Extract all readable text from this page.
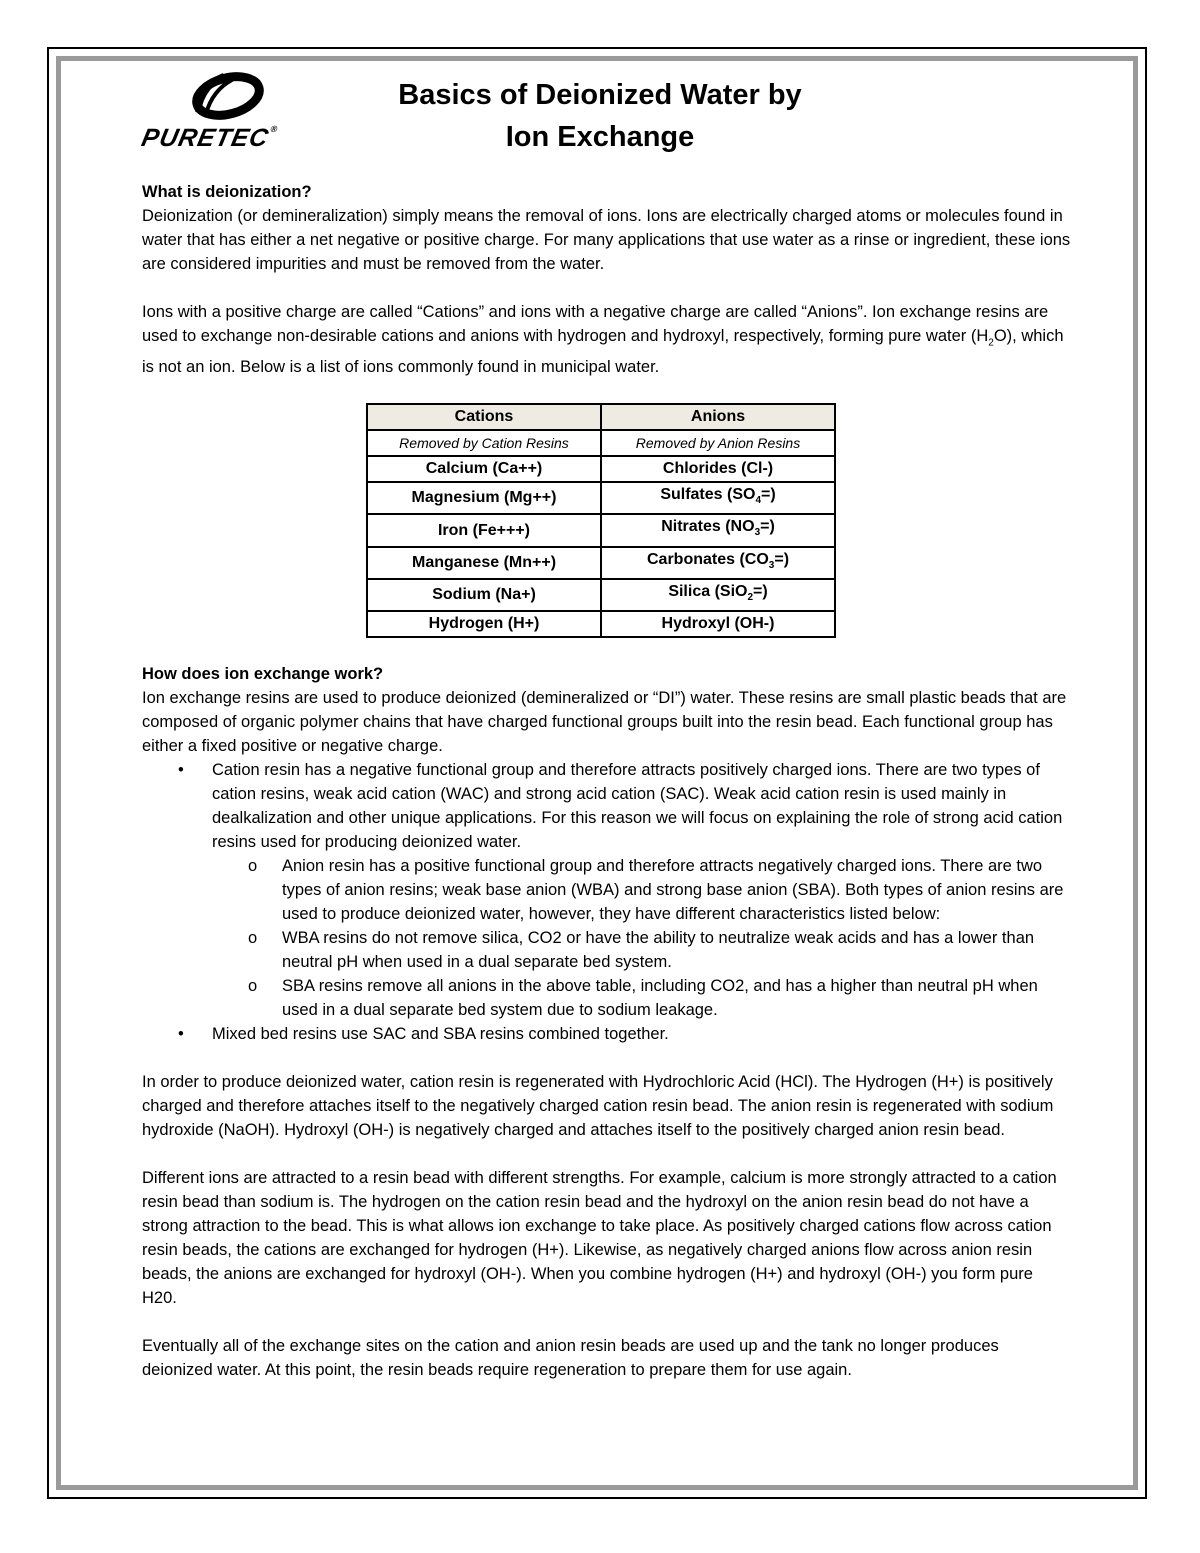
PURETEC®
Basics of Deionized Water by
Ion Exchange

What is deionization?

Deionization (or demineralization) simply means the removal of ions. Ions are electrically charged atoms or molecules found in water that has either a net negative or positive charge. For many applications that use water as a rinse or ingredient, these ions are considered impurities and must be removed from the water.

Ions with a positive charge are called “Cations” and ions with a negative charge are called “Anions”. Ion exchange resins are used to exchange non-desirable cations and anions with hydrogen and hydroxyl, respectively, forming pure water $(H_2O)$, which is not an ion. Below is a list of ions commonly found in municipal water.

Cations	Anions
Removed by Cation Resins	Removed by Anion Resins
Calcium (Ca++)	Chlorides (Cl-)
Magnesium (Mg++)	Sulfates $(SO_4=)$
Iron (Fe+++)	Nitrates $(NO_3=)$
Manganese (Mn++)	Carbonates $(CO_3=)$
Sodium (Na+)	Silica (SiO$_2$=)
Hydrogen (H+)	Hydroxyl (OH-)

How does ion exchange work?

Ion exchange resins are used to produce deionized (demineralized or “DI”) water. These resins are small plastic beads that are composed of organic polymer chains that have charged functional groups built into the resin bead. Each functional group has either a fixed positive or negative charge.

• Cation resin has a negative functional group and therefore attracts positively charged ions. There are two types of cation resins, weak acid cation (WAC) and strong acid cation (SAC). Weak acid cation resin is used mainly in dealkalization and other unique applications. For this reason we will focus on explaining the role of strong acid cation resins used for producing deionized water.
o Anion resin has a positive functional group and therefore attracts negatively charged ions. There are two types of anion resins; weak base anion (WBA) and strong base anion (SBA). Both types of anion resins are used to produce deionized water, however, they have different characteristics listed below:
o WBA resins do not remove silica, CO2 or have the ability to neutralize weak acids and has a lower than neutral pH when used in a dual separate bed system.
o SBA resins remove all anions in the above table, including CO2, and has a higher than neutral pH when used in a dual separate bed system due to sodium leakage.
• Mixed bed resins use SAC and SBA resins combined together.

In order to produce deionized water, cation resin is regenerated with Hydrochloric Acid (HCl). The Hydrogen (H+) is positively charged and therefore attaches itself to the negatively charged cation resin bead. The anion resin is regenerated with sodium hydroxide (NaOH). Hydroxyl (OH-) is negatively charged and attaches itself to the positively charged anion resin bead.

Different ions are attracted to a resin bead with different strengths. For example, calcium is more strongly attracted to a cation resin bead than sodium is. The hydrogen on the cation resin bead and the hydroxyl on the anion resin bead do not have a strong attraction to the bead. This is what allows ion exchange to take place. As positively charged cations flow across cation resin beads, the cations are exchanged for hydrogen (H+). Likewise, as negatively charged anions flow across anion resin beads, the anions are exchanged for hydroxyl (OH-). When you combine hydrogen (H+) and hydroxyl (OH-) you form pure H20.

Eventually all of the exchange sites on the cation and anion resin beads are used up and the tank no longer produces deionized water. At this point, the resin beads require regeneration to prepare them for use again.
